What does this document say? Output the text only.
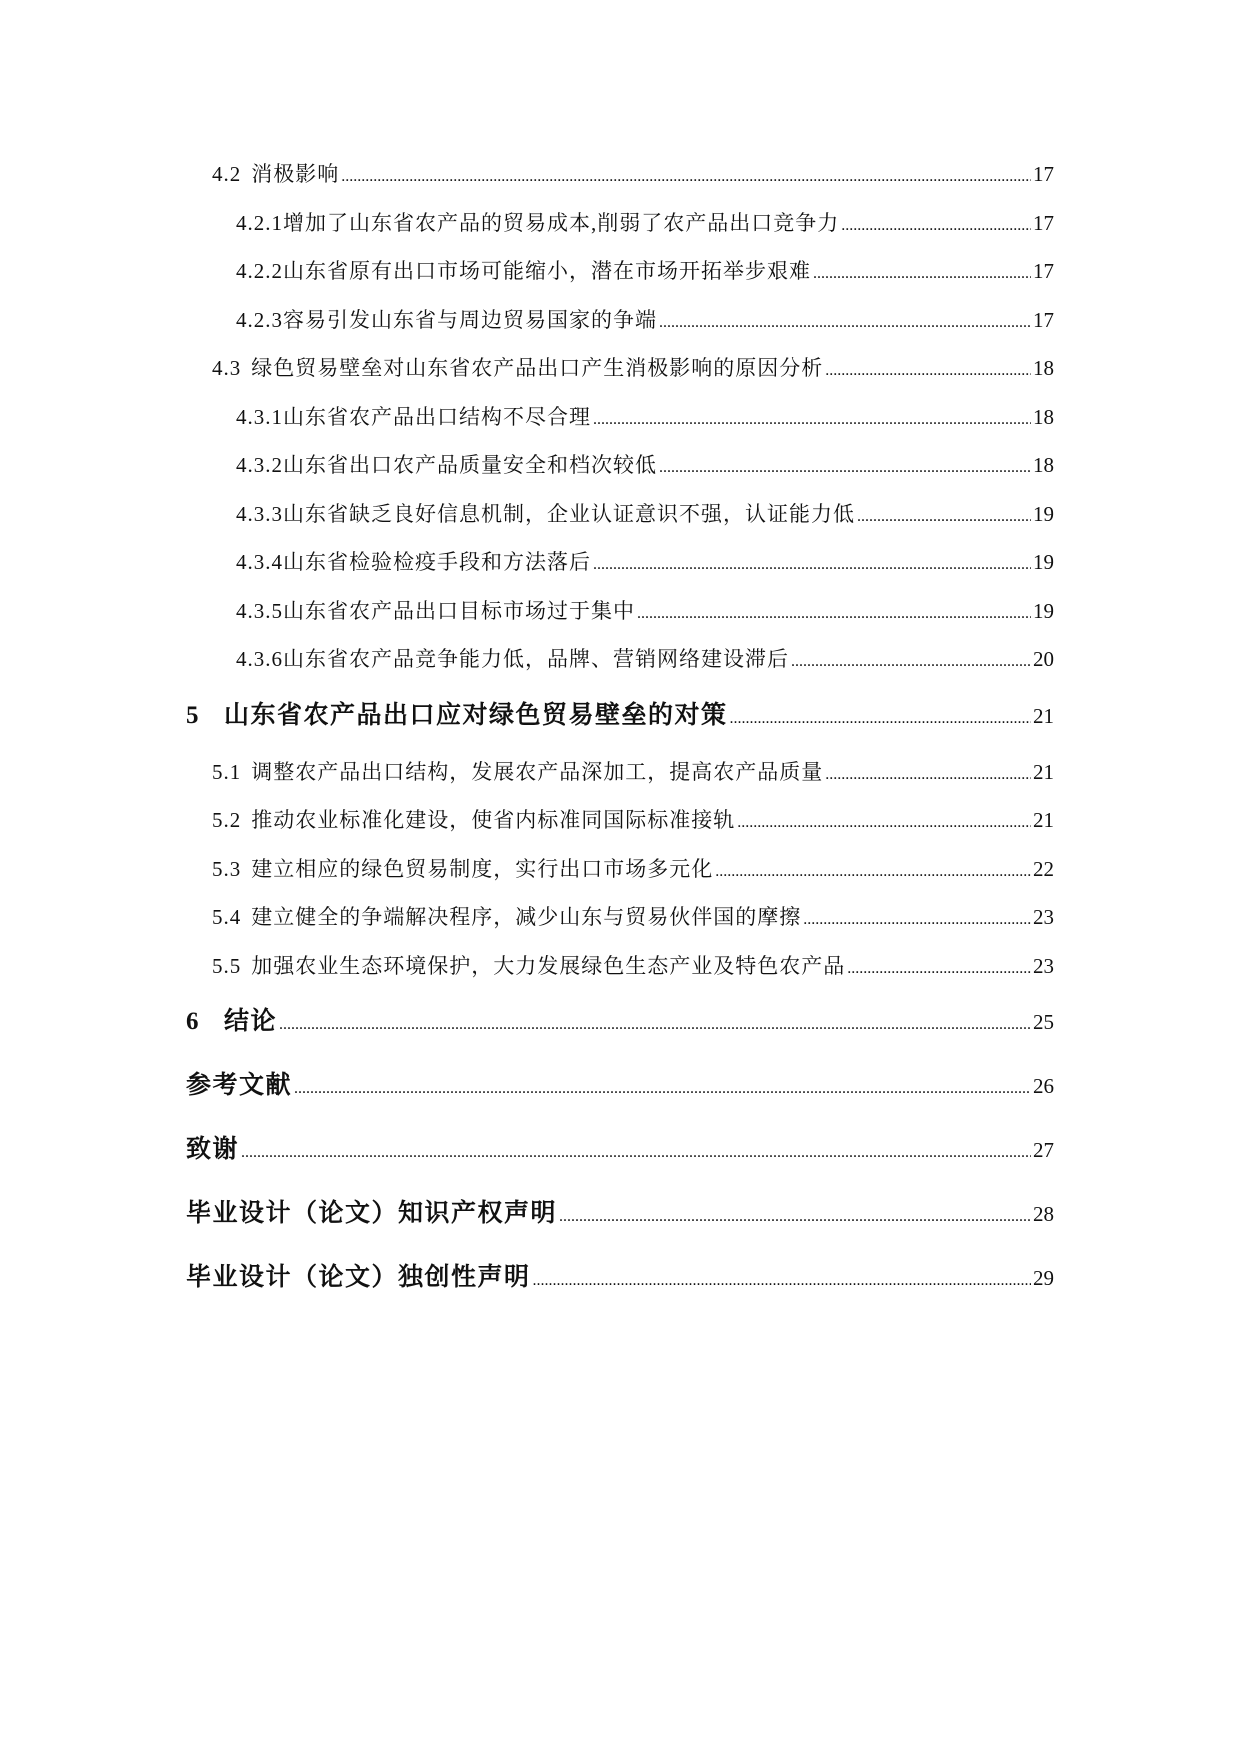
4.2 消极影响 .....	17
4.2.1增加了山东省农产品的贸易成本,削弱了农产品出口竞争力 .....	17
4.2.2山东省原有出口市场可能缩小，潜在市场开拓举步艰难 .....	17
4.2.3容易引发山东省与周边贸易国家的争端 .....	17
4.3 绿色贸易壁垒对山东省农产品出口产生消极影响的原因分析 .....	18
4.3.1山东省农产品出口结构不尽合理 .....	18
4.3.2山东省出口农产品质量安全和档次较低 .....	18
4.3.3山东省缺乏良好信息机制，企业认证意识不强，认证能力低 .....	19
4.3.4山东省检验检疫手段和方法落后 .....	19
4.3.5山东省农产品出口目标市场过于集中 .....	19
4.3.6山东省农产品竞争能力低，品牌、营销网络建设滞后 .....	20
5 山东省农产品出口应对绿色贸易壁垒的对策 .....	21
5.1 调整农产品出口结构，发展农产品深加工，提高农产品质量 .....	21
5.2 推动农业标准化建设，使省内标准同国际标准接轨 .....	21
5.3 建立相应的绿色贸易制度，实行出口市场多元化 .....	22
5.4 建立健全的争端解决程序，减少山东与贸易伙伴国的摩擦 .....	23
5.5 加强农业生态环境保护，大力发展绿色生态产业及特色农产品 .....	23
6 结论 .....	25
参考文献 .....	26
致谢 .....	27
毕业设计（论文）知识产权声明 .....	28
毕业设计（论文）独创性声明 .....	29
